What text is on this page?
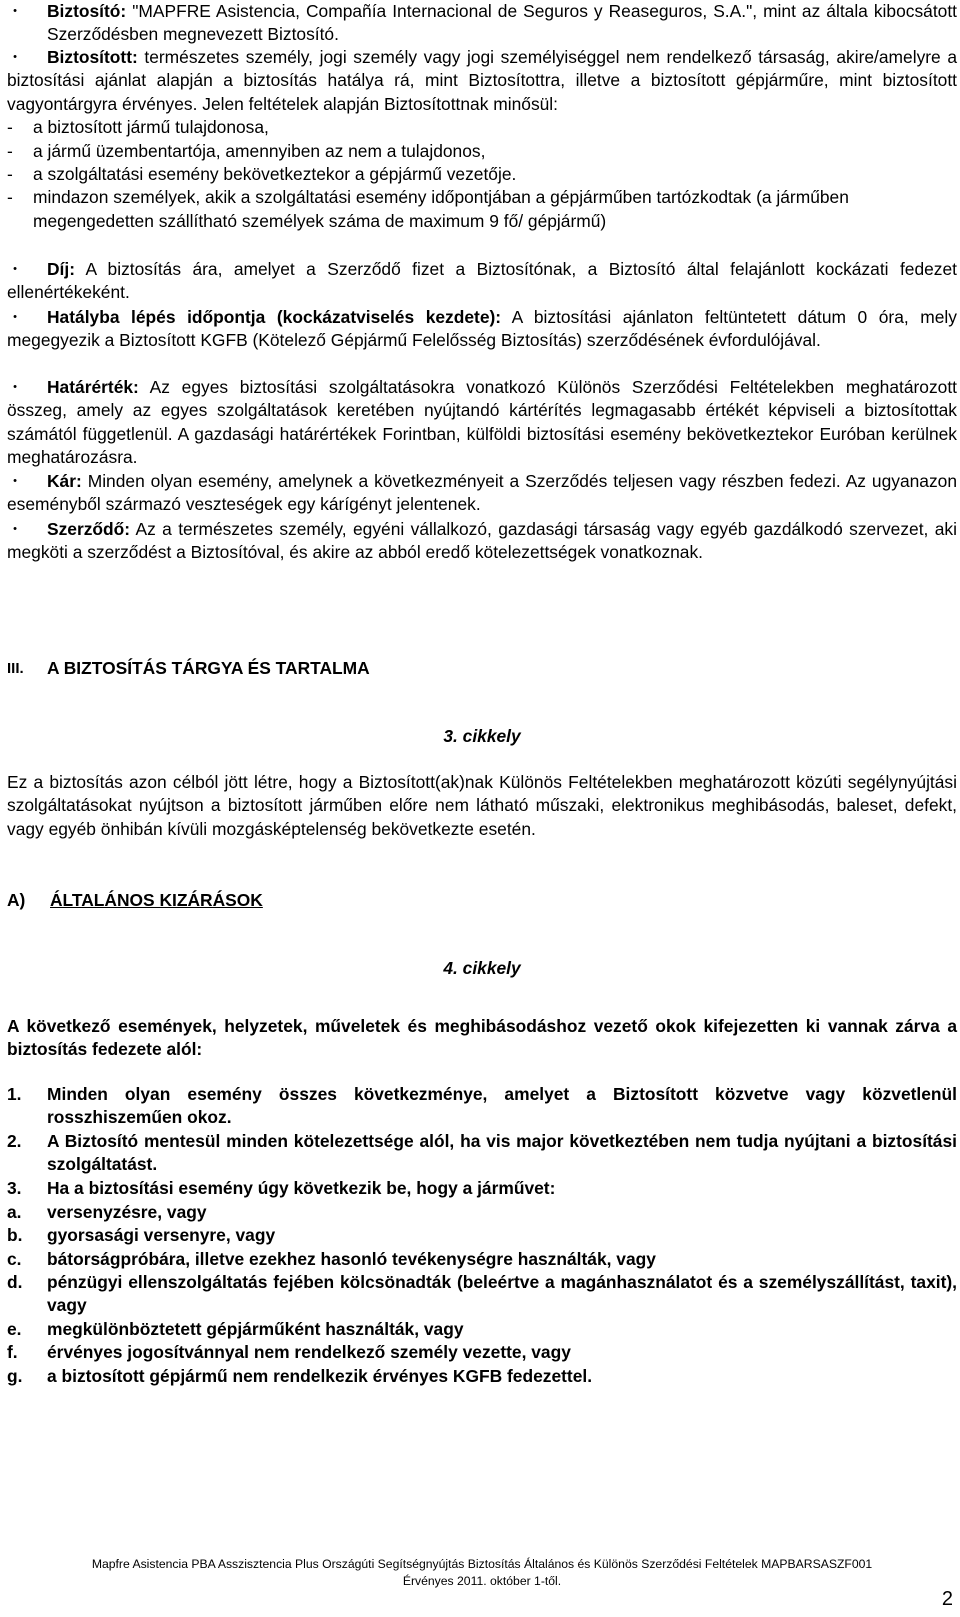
•	Biztosító: "MAPFRE Asistencia, Compañía Internacional de Seguros y Reaseguros, S.A.", mint az általa kibocsátott Szerződésben megnevezett Biztosító.
•	Biztosított: természetes személy, jogi személy vagy jogi személyiséggel nem rendelkező társaság, akire/amelyre a biztosítási ajánlat alapján a biztosítás hatálya rá, mint Biztosítottra, illetve a biztosított gépjárműre, mint biztosított vagyontárgyra érvényes. Jelen feltételek alapján Biztosítottnak minősül:
- a biztosított jármű tulajdonosa,
- a jármű üzembentartója, amennyiben az nem a tulajdonos,
- a szolgáltatási esemény bekövetkeztekor a gépjármű vezetője.
- mindazon személyek, akik a szolgáltatási esemény időpontjában a gépjárműben tartózkodtak (a járműben megengedetten szállítható személyek száma de maximum 9 fő/ gépjármű)
•	Díj: A biztosítás ára, amelyet a Szerződő fizet a Biztosítónak, a Biztosító által felajánlott kockázati fedezet ellenértékeként.
•	Hatályba lépés időpontja (kockázatviselés kezdete): A biztosítási ajánlaton feltüntetett dátum 0 óra, mely megegyezik a Biztosított KGFB (Kötelező Gépjármű Felelősség Biztosítás) szerződésének évfordulójával.
•	Határérték: Az egyes biztosítási szolgáltatásokra vonatkozó Különös Szerződési Feltételekben meghatározott összeg, amely az egyes szolgáltatások keretében nyújtandó kártérítés legmagasabb értékét képviseli a biztosítottak számától függetlenül. A gazdasági határértékek Forintban, külföldi biztosítási esemény bekövetkeztekor Euróban kerülnek meghatározásra.
•	Kár: Minden olyan esemény, amelynek a következményeit a Szerződés teljesen vagy részben fedezi. Az ugyanazon eseményből származó veszteségek egy kárígényt jelentenek.
•	Szerződő: Az a természetes személy, egyéni vállalkozó, gazdasági társaság vagy egyéb gazdálkodó szervezet, aki megköti a szerződést a Biztosítóval, és akire az abból eredő kötelezettségek vonatkoznak.
III. A BIZTOSÍTÁS TÁRGYA ÉS TARTALMA
3. cikkely
Ez a biztosítás azon célból jött létre, hogy a Biztosított(ak)nak Különös Feltételekben meghatározott közúti segélynyújtási szolgáltatásokat nyújtson a biztosított járműben előre nem látható műszaki, elektronikus meghibásodás, baleset, defekt, vagy egyéb önhibán kívüli mozgásképtelenség bekövetkezte esetén.
A) ÁLTALÁNOS KIZÁRÁSOK
4. cikkely
A következő események, helyzetek, műveletek és meghibásodáshoz vezető okok kifejezetten ki vannak zárva a biztosítás fedezete alól:
1.	Minden olyan esemény összes következménye, amelyet a Biztosított közvetve vagy közvetlenül rosszhiszeműen okoz.
2.	A Biztosító mentesül minden kötelezettsége alól, ha vis major következtében nem tudja nyújtani a biztosítási szolgáltatást.
3.	Ha a biztosítási esemény úgy következik be, hogy a járművet:
a.	versenyzésre, vagy
b.	gyorsasági versenyre, vagy
c.	bátorságpróbára, illetve ezekhez hasonló tevékenységre használták, vagy
d.	pénzügyi ellenszolgáltatás fejében kölcsönadták (beleértve a magánhasználatot és a személyszállítást, taxit), vagy
e.	megkülönböztetett gépjárműként használták, vagy
f.	érvényes jogosítvánnyal nem rendelkező személy vezette, vagy
g.	a biztosított gépjármű nem rendelkezik érvényes KGFB fedezettel.
Mapfre Asistencia PBA Asszisztencia Plus Országúti Segítségnyújtás Biztosítás Általános és Különös Szerződési Feltételek MAPBARSASZF001
Érvényes 2011. október 1-től.
2
